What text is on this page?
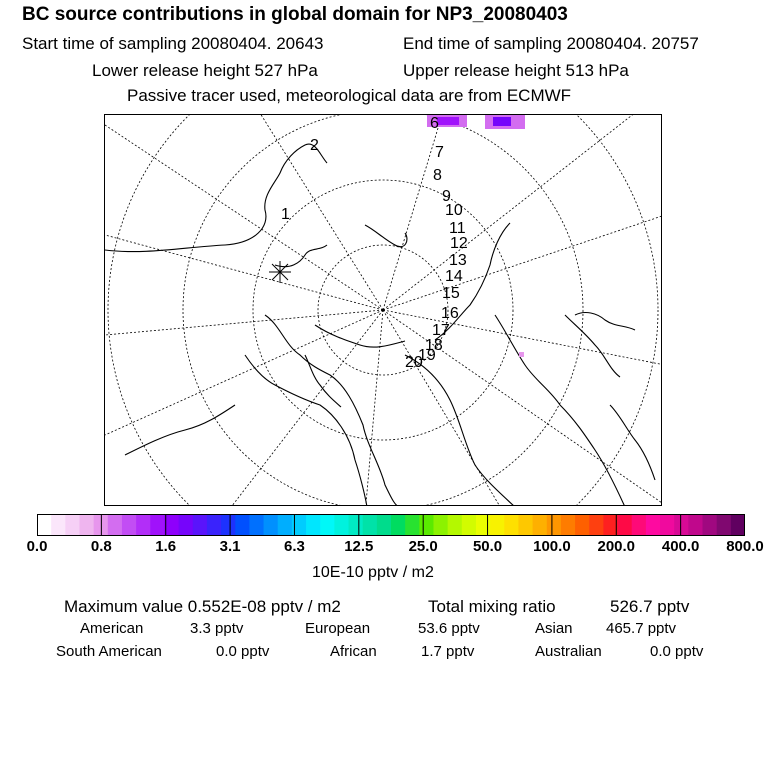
BC source contributions in global domain for NP3_20080403
Start time of sampling 20080404. 20643	End time of sampling 20080404. 20757
Lower release height 527 hPa	Upper release height 513 hPa
Passive tracer used, meteorological data are from ECMWF
1
2
6
7
8
9
10
11
12
13
14
15
16
17
18
19
20
0.0	0.8	1.6	3.1	6.3	12.5 25.0 50.0 100.0 200.0 400.0 800.0
10E-10 pptv / m2
Maximum value 0.552E-08 pptv / m2	Total mixing ratio	526.7 pptv
American	3.3 pptv	European	53.6 pptv	Asian 465.7 pptv
South American	0.0 pptv	African	1.7 pptv	Australian	0.0 pptv
